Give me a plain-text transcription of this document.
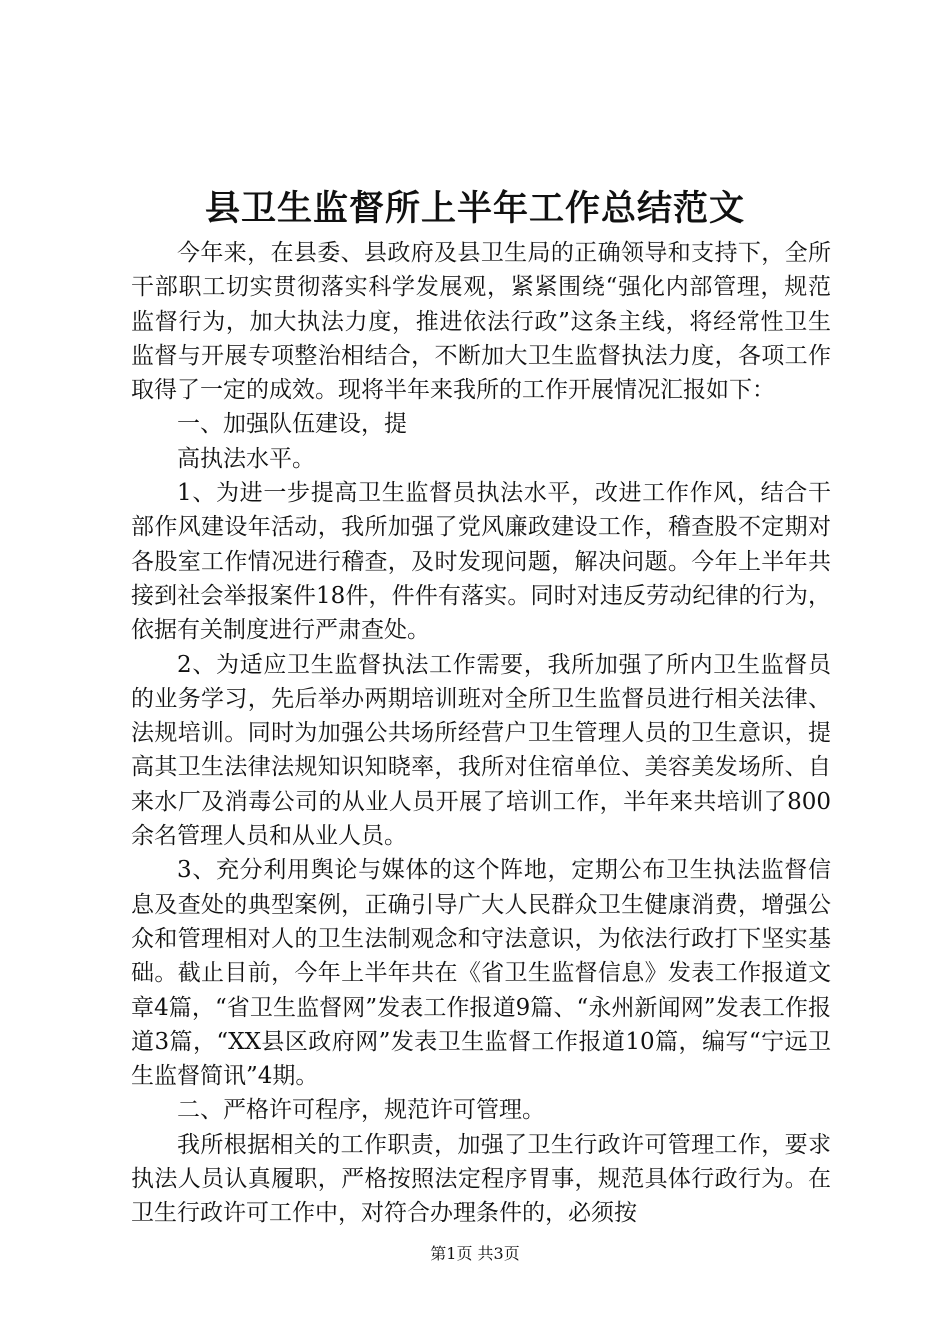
县卫生监督所上半年工作总结范文

今年来，在县委、县政府及县卫生局的正确领导和支持下，全所干部职工切实贯彻落实科学发展观，紧紧围绕“强化内部管理，规范监督行为，加大执法力度，推进依法行政”这条主线，将经常性卫生监督与开展专项整治相结合，不断加大卫生监督执法力度，各项工作取得了一定的成效。现将半年来我所的工作开展情况汇报如下：

一、加强队伍建设，提

高执法水平。

1、为进一步提高卫生监督员执法水平，改进工作作风，结合干部作风建设年活动，我所加强了党风廉政建设工作，稽查股不定期对各股室工作情况进行稽查，及时发现问题，解决问题。今年上半年共接到社会举报案件18件，件件有落实。同时对违反劳动纪律的行为，依据有关制度进行严肃查处。

2、为适应卫生监督执法工作需要，我所加强了所内卫生监督员的业务学习，先后举办两期培训班对全所卫生监督员进行相关法律、法规培训。同时为加强公共场所经营户卫生管理人员的卫生意识，提高其卫生法律法规知识知晓率，我所对住宿单位、美容美发场所、自来水厂及消毒公司的从业人员开展了培训工作，半年来共培训了800余名管理人员和从业人员。

3、充分利用舆论与媒体的这个阵地，定期公布卫生执法监督信息及查处的典型案例，正确引导广大人民群众卫生健康消费，增强公众和管理相对人的卫生法制观念和守法意识，为依法行政打下坚实基础。截止目前，今年上半年共在《省卫生监督信息》发表工作报道文章4篇，“省卫生监督网”发表工作报道9篇、“永州新闻网”发表工作报道3篇，“XX县区政府网”发表卫生监督工作报道10篇，编写“宁远卫生监督简讯”4期。

二、严格许可程序，规范许可管理。

我所根据相关的工作职责，加强了卫生行政许可管理工作，要求执法人员认真履职，严格按照法定程序胃事，规范具体行政行为。在卫生行政许可工作中，对符合办理条件的，必须按

第1页 共3页
